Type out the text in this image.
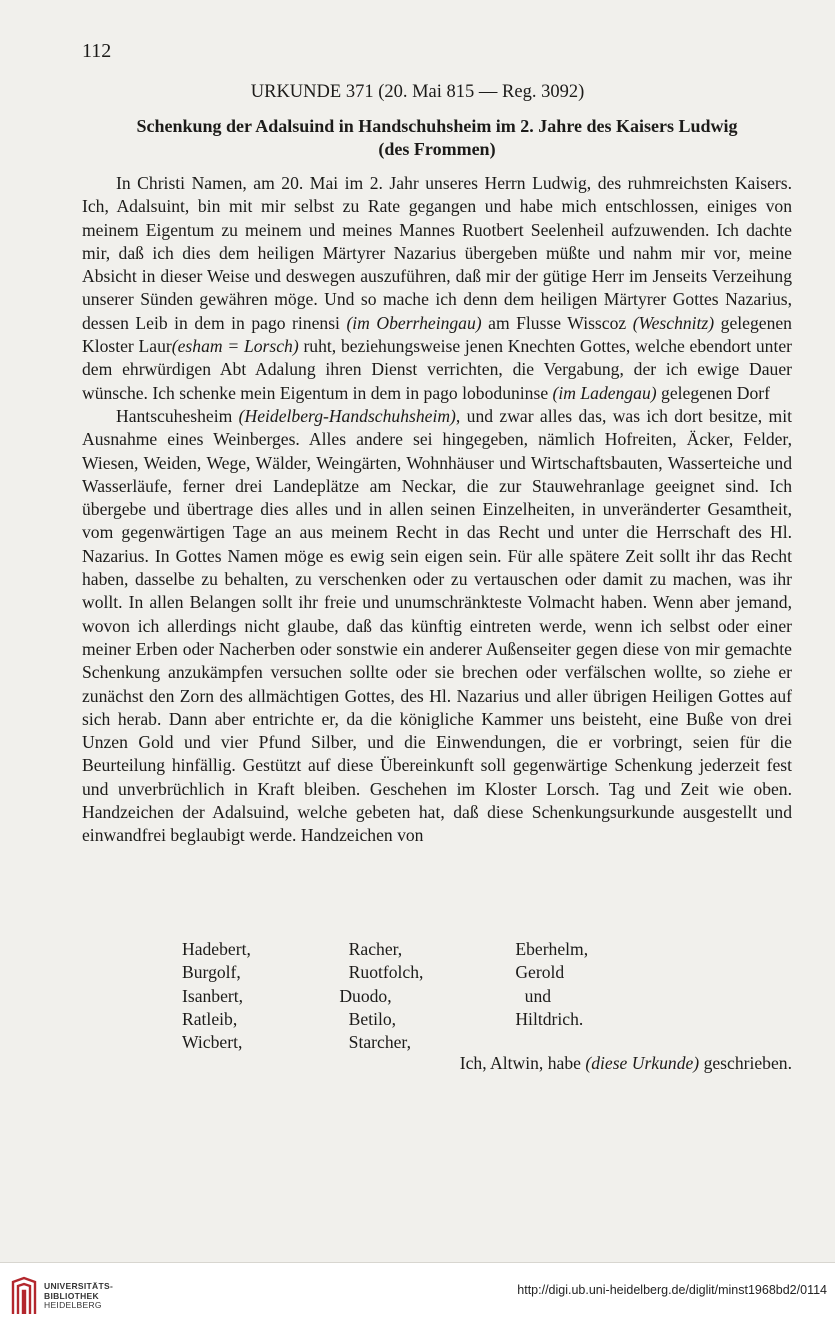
112
URKUNDE 371 (20. Mai 815 — Reg. 3092)
Schenkung der Adalsuind in Handschuhsheim im 2. Jahre des Kaisers Ludwig
(des Frommen)

In Christi Namen, am 20. Mai im 2. Jahr unseres Herrn Ludwig, des ruhmreichsten Kaisers. Ich, Adalsuint, bin mit mir selbst zu Rate gegangen und habe mich entschlossen, einiges von meinem Eigentum zu meinem und meines Mannes Ruotbert Seelenheil aufzuwenden. Ich dachte mir, daß ich dies dem heiligen Märtyrer Nazarius übergeben müßte und nahm mir vor, meine Absicht in dieser Weise und deswegen auszuführen, daß mir der gütige Herr im Jenseits Verzeihung unserer Sünden gewähren möge. Und so mache ich denn dem heiligen Märtyrer Gottes Nazarius, dessen Leib in dem in pago rinensi (im Oberrheingau) am Flusse Wisscoz (Weschnitz) gelegenen Kloster Laur(esham = Lorsch) ruht, beziehungsweise jenen Knechten Gottes, welche ebendort unter dem ehrwürdigen Abt Adalung ihren Dienst verrichten, die Vergabung, der ich ewige Dauer wünsche. Ich schenke mein Eigentum in dem in pago loboduninse (im Ladengau) gelegenen Dorf

Hantscuhesheim (Heidelberg-Handschuhsheim), und zwar alles das, was ich dort besitze, mit Ausnahme eines Weinberges. Alles andere sei hingegeben, nämlich Hofreiten, Äcker, Felder, Wiesen, Weiden, Wege, Wälder, Weingärten, Wohnhäuser und Wirtschaftsbauten, Wasserteiche und Wasserläufe, ferner drei Landeplätze am Neckar, die zur Stauwehranlage geeignet sind. Ich übergebe und übertrage dies alles und in allen seinen Einzelheiten, in unveränderter Gesamtheit, vom gegenwärtigen Tage an aus meinem Recht in das Recht und unter die Herrschaft des Hl. Nazarius. In Gottes Namen möge es ewig sein eigen sein. Für alle spätere Zeit sollt ihr das Recht haben, dasselbe zu behalten, zu verschenken oder zu vertauschen oder damit zu machen, was ihr wollt. In allen Belangen sollt ihr freie und unumschränkteste Volmacht haben. Wenn aber jemand, wovon ich allerdings nicht glaube, daß das künftig eintreten werde, wenn ich selbst oder einer meiner Erben oder Nacherben oder sonstwie ein anderer Außenseiter gegen diese von mir gemachte Schenkung anzukämpfen versuchen sollte oder sie brechen oder verfälschen wollte, so ziehe er zunächst den Zorn des allmächtigen Gottes, des Hl. Nazarius und aller übrigen Heiligen Gottes auf sich herab. Dann aber entrichte er, da die königliche Kammer uns beisteht, eine Buße von drei Unzen Gold und vier Pfund Silber, und die Einwendungen, die er vorbringt, seien für die Beurteilung hinfällig. Gestützt auf diese Übereinkunft soll gegenwärtige Schenkung jederzeit fest und unverbrüchlich in Kraft bleiben. Geschehen im Kloster Lorsch. Tag und Zeit wie oben. Handzeichen der Adalsuind, welche gebeten hat, daß diese Schenkungsurkunde ausgestellt und einwandfrei beglaubigt werde. Handzeichen von

Hadebert,	Racher,	Eberhelm,
Burgolf,	Ruotfolch,	Gerold
Isanbert,	Duodo,	und
Ratleib,	Betilo,	Hiltdrich.
Wicbert,	Starcher,
Ich, Altwin, habe (diese Urkunde) geschrieben.
UNIVERSITÄTS-
BIBLIOTHEK
HEIDELBERG
http://digi.ub.uni-heidelberg.de/diglit/minst1968bd2/0114
